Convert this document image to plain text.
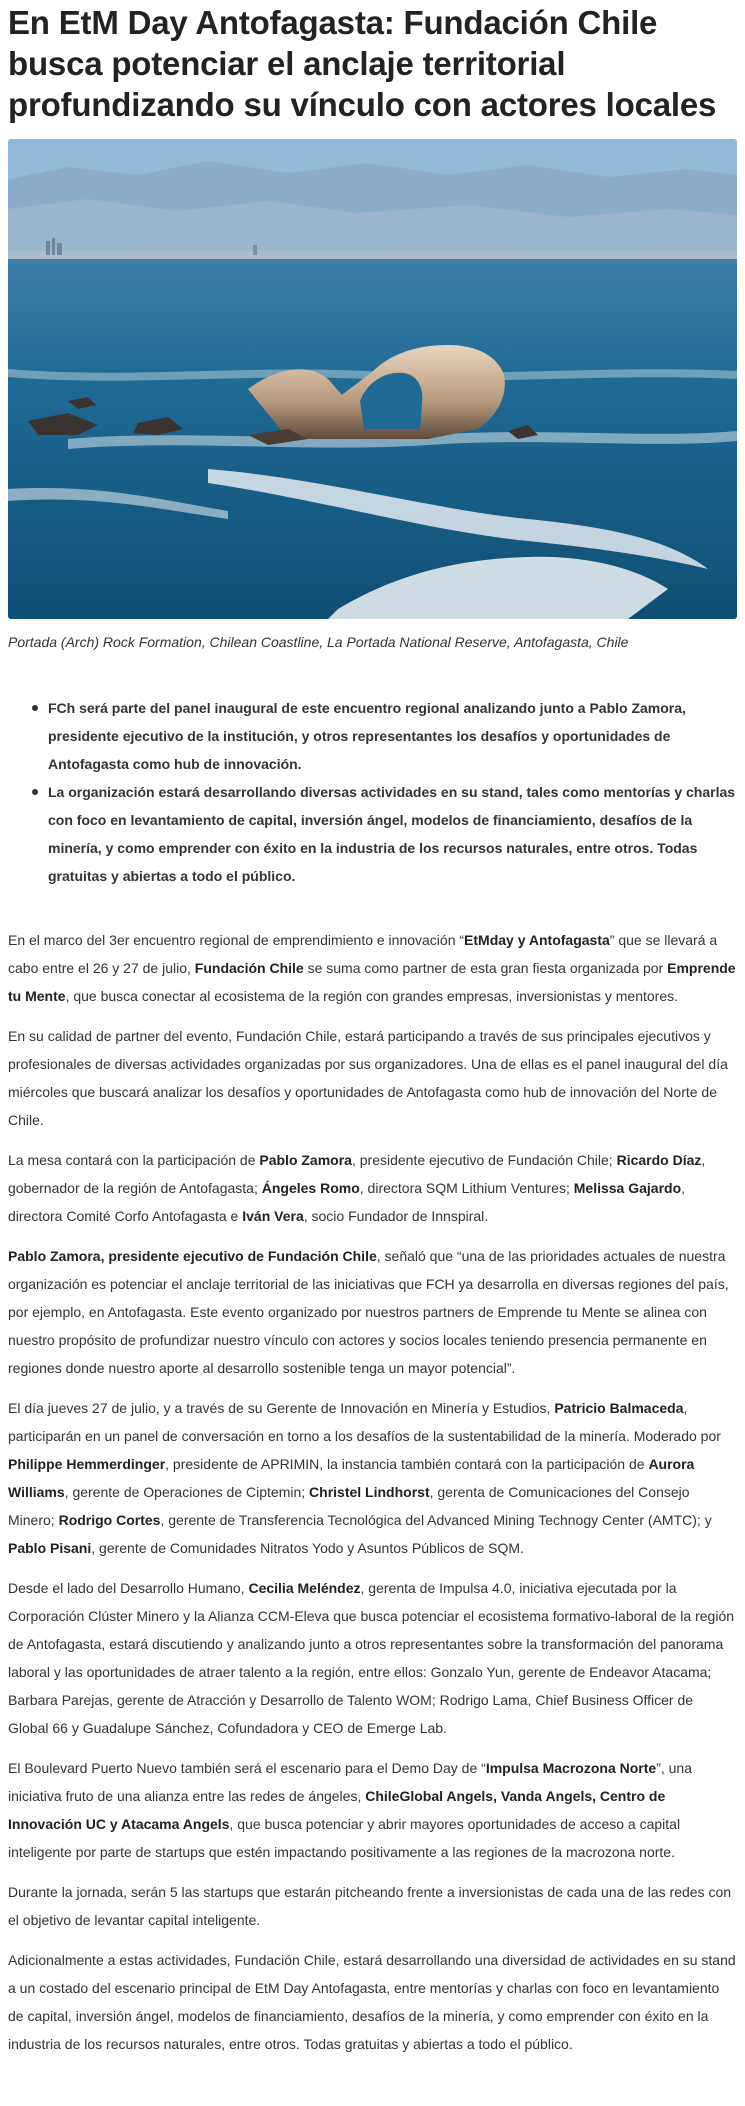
En EtM Day Antofagasta: Fundación Chile busca potenciar el anclaje territorial profundizando su vínculo con actores locales

Portada (Arch) Rock Formation, Chilean Coastline, La Portada National Reserve, Antofagasta, Chile

FCh será parte del panel inaugural de este encuentro regional analizando junto a Pablo Zamora, presidente ejecutivo de la institución, y otros representantes los desafíos y oportunidades de Antofagasta como hub de innovación.
La organización estará desarrollando diversas actividades en su stand, tales como mentorías y charlas con foco en levantamiento de capital, inversión ángel, modelos de financiamiento, desafíos de la minería, y como emprender con éxito en la industria de los recursos naturales, entre otros. Todas gratuitas y abiertas a todo el público.

En el marco del 3er encuentro regional de emprendimiento e innovación “EtMday y Antofagasta” que se llevará a cabo entre el 26 y 27 de julio, Fundación Chile se suma como partner de esta gran fiesta organizada por Emprende tu Mente, que busca conectar al ecosistema de la región con grandes empresas, inversionistas y mentores.

En su calidad de partner del evento, Fundación Chile, estará participando a través de sus principales ejecutivos y profesionales de diversas actividades organizadas por sus organizadores. Una de ellas es el panel inaugural del día miércoles que buscará analizar los desafíos y oportunidades de Antofagasta como hub de innovación del Norte de Chile.

La mesa contará con la participación de Pablo Zamora, presidente ejecutivo de Fundación Chile; Ricardo Díaz, gobernador de la región de Antofagasta; Ángeles Romo, directora SQM Lithium Ventures; Melissa Gajardo, directora Comité Corfo Antofagasta e Iván Vera, socio Fundador de Innspiral.

Pablo Zamora, presidente ejecutivo de Fundación Chile, señaló que “una de las prioridades actuales de nuestra organización es potenciar el anclaje territorial de las iniciativas que FCH ya desarrolla en diversas regiones del país, por ejemplo, en Antofagasta. Este evento organizado por nuestros partners de Emprende tu Mente se alinea con nuestro propósito de profundizar nuestro vínculo con actores y socios locales teniendo presencia permanente en regiones donde nuestro aporte al desarrollo sostenible tenga un mayor potencial”.

El día jueves 27 de julio, y a través de su Gerente de Innovación en Minería y Estudios, Patricio Balmaceda, participarán en un panel de conversación en torno a los desafíos de la sustentabilidad de la minería. Moderado por Philippe Hemmerdinger, presidente de APRIMIN, la instancia también contará con la participación de Aurora Williams, gerente de Operaciones de Ciptemin; Christel Lindhorst, gerenta de Comunicaciones del Consejo Minero; Rodrigo Cortes, gerente de Transferencia Tecnológica del Advanced Mining Technogy Center (AMTC); y Pablo Pisani, gerente de Comunidades Nitratos Yodo y Asuntos Públicos de SQM.

Desde el lado del Desarrollo Humano, Cecilia Meléndez, gerenta de Impulsa 4.0, iniciativa ejecutada por la Corporación Clúster Minero y la Alianza CCM-Eleva que busca potenciar el ecosistema formativo-laboral de la región de Antofagasta, estará discutiendo y analizando junto a otros representantes sobre la transformación del panorama laboral y las oportunidades de atraer talento a la región, entre ellos: Gonzalo Yun, gerente de Endeavor Atacama; Barbara Parejas, gerente de Atracción y Desarrollo de Talento WOM; Rodrigo Lama, Chief Business Officer de Global 66 y Guadalupe Sánchez, Cofundadora y CEO de Emerge Lab.

El Boulevard Puerto Nuevo también será el escenario para el Demo Day de “Impulsa Macrozona Norte”, una iniciativa fruto de una alianza entre las redes de ángeles, ChileGlobal Angels, Vanda Angels, Centro de Innovación UC y Atacama Angels, que busca potenciar y abrir mayores oportunidades de acceso a capital inteligente por parte de startups que estén impactando positivamente a las regiones de la macrozona norte.

Durante la jornada, serán 5 las startups que estarán pitcheando frente a inversionistas de cada una de las redes con el objetivo de levantar capital inteligente.

Adicionalmente a estas actividades, Fundación Chile, estará desarrollando una diversidad de actividades en su stand a un costado del escenario principal de EtM Day Antofagasta, entre mentorías y charlas con foco en levantamiento de capital, inversión ángel, modelos de financiamiento, desafíos de la minería, y como emprender con éxito en la industria de los recursos naturales, entre otros. Todas gratuitas y abiertas a todo el público.
